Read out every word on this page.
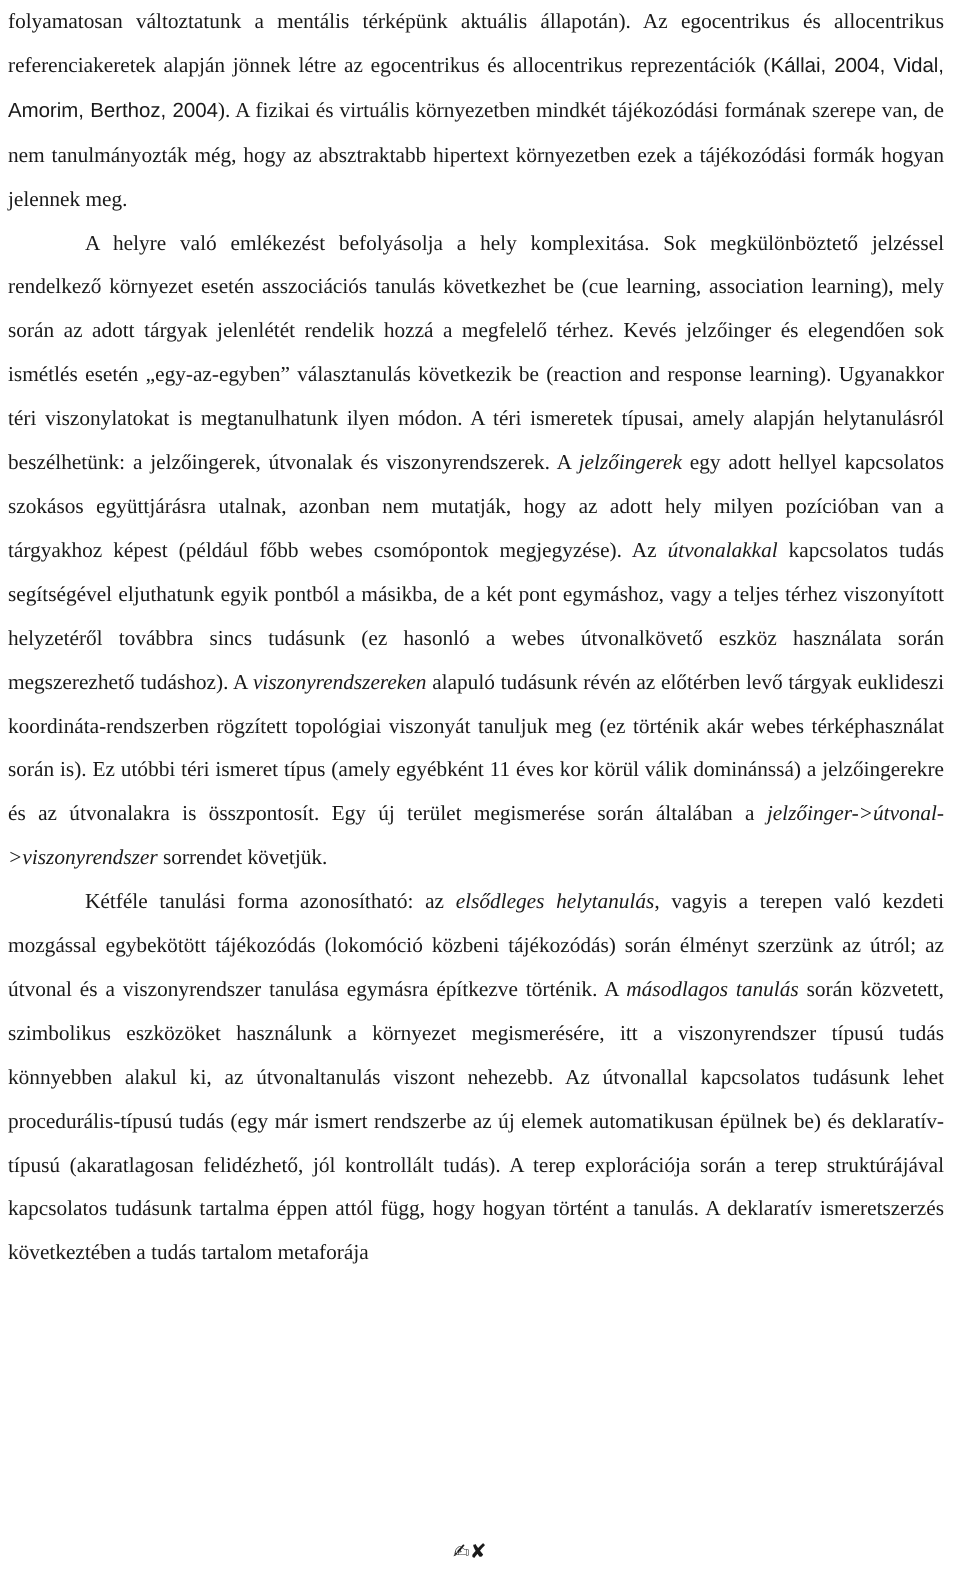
folyamatosan változtatunk a mentális térképünk aktuális állapotán). Az egocentrikus és allocentrikus referenciakeretek alapján jönnek létre az egocentrikus és allocentrikus reprezentációk (Kállai, 2004, Vidal, Amorim, Berthoz, 2004). A fizikai és virtuális környezetben mindkét tájékozódási formának szerepe van, de nem tanulmányozták még, hogy az absztraktabb hipertext környezetben ezek a tájékozódási formák hogyan jelennek meg.

A helyre való emlékezést befolyásolja a hely komplexitása. Sok megkülönböztető jelzéssel rendelkező környezet esetén asszociációs tanulás következhet be (cue learning, association learning), mely során az adott tárgyak jelenlétét rendelik hozzá a megfelelő térhez. Kevés jelzőinger és elegendően sok ismétlés esetén „egy-az-egyben” választanulás következik be (reaction and response learning). Ugyanakkor téri viszonylatokat is megtanulhatunk ilyen módon. A téri ismeretek típusai, amely alapján helytanulásról beszélhetünk: a jelzőingerek, útvonalak és viszonyrendszerek. A jelzőingerek egy adott hellyel kapcsolatos szokásos együttjárásra utalnak, azonban nem mutatják, hogy az adott hely milyen pozícióban van a tárgyakhoz képest (például főbb webes csomópontok megjegyzése). Az útvonalakkal kapcsolatos tudás segítségével eljuthatunk egyik pontból a másikba, de a két pont egymáshoz, vagy a teljes térhez viszonyított helyzetéről továbbra sincs tudásunk (ez hasonló a webes útvonalkövető eszköz használata során megszerezhető tudáshoz). A viszonyrendszereken alapuló tudásunk révén az előtérben levő tárgyak euklideszi koordináta-rendszerben rögzített topológiai viszonyát tanuljuk meg (ez történik akár webes térképhasználat során is). Ez utóbbi téri ismeret típus (amely egyébként 11 éves kor körül válik dominánssá) a jelzőingerekre és az útvonalakra is összpontosít. Egy új terület megismerése során általában a jelzőinger->útvonal->viszonyrendszer sorrendet követjük.

Kétféle tanulási forma azonosítható: az elsődleges helytanulás, vagyis a terepen való kezdeti mozgással egybekötött tájékozódás (lokomóció közbeni tájékozódás) során élményt szerzünk az útról; az útvonal és a viszonyrendszer tanulása egymásra építkezve történik. A másodlagos tanulás során közvetett, szimbolikus eszközöket használunk a környezet megismerésére, itt a viszonyrendszer típusú tudás könnyebben alakul ki, az útvonaltanulás viszont nehezebb. Az útvonallal kapcsolatos tudásunk lehet procedurális-típusú tudás (egy már ismert rendszerbe az új elemek automatikusan épülnek be) és deklaratív-típusú (akaratlagosan felidézhető, jól kontrollált tudás). A terep explorációja során a terep struktúrájával kapcsolatos tudásunk tartalma éppen attól függ, hogy hogyan történt a tanulás. A deklaratív ismeretszerzés következtében a tudás tartalom metaforája

✍ ✘
